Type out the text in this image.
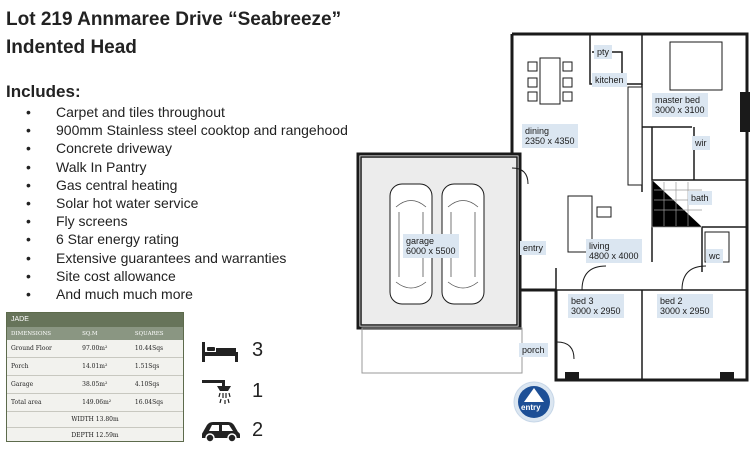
Lot 219 Annmaree Drive “Seabreeze”
Indented Head
Includes:
• Carpet and tiles throughout
• 900mm Stainless steel cooktop and rangehood
• Concrete driveway
• Walk In Pantry
• Gas central heating
• Solar hot water service
• Fly screens
• 6 Star energy rating
• Extensive guarantees and warranties
• Site cost allowance
• And much much more
JADE
DIMENSIONS	SQ.M	SQUARES
Ground Floor	97.00m²	10.44Sqs
Porch	14.01m²	1.51Sqs
Garage	38.05m²	4.10Sqs
Total area	149.06m²	16.04Sqs
WIDTH 13.80m
DEPTH 12.59m
3
1
2
pty
kitchen
master bed
3000 x 3100
dining
2350 x 4350	wir
bath
garage
6000 x 5500	entry	living
4800 x 4000	wc
bed 3
3000 x 2950
bed 2
3000 x 2950
porch
entry
